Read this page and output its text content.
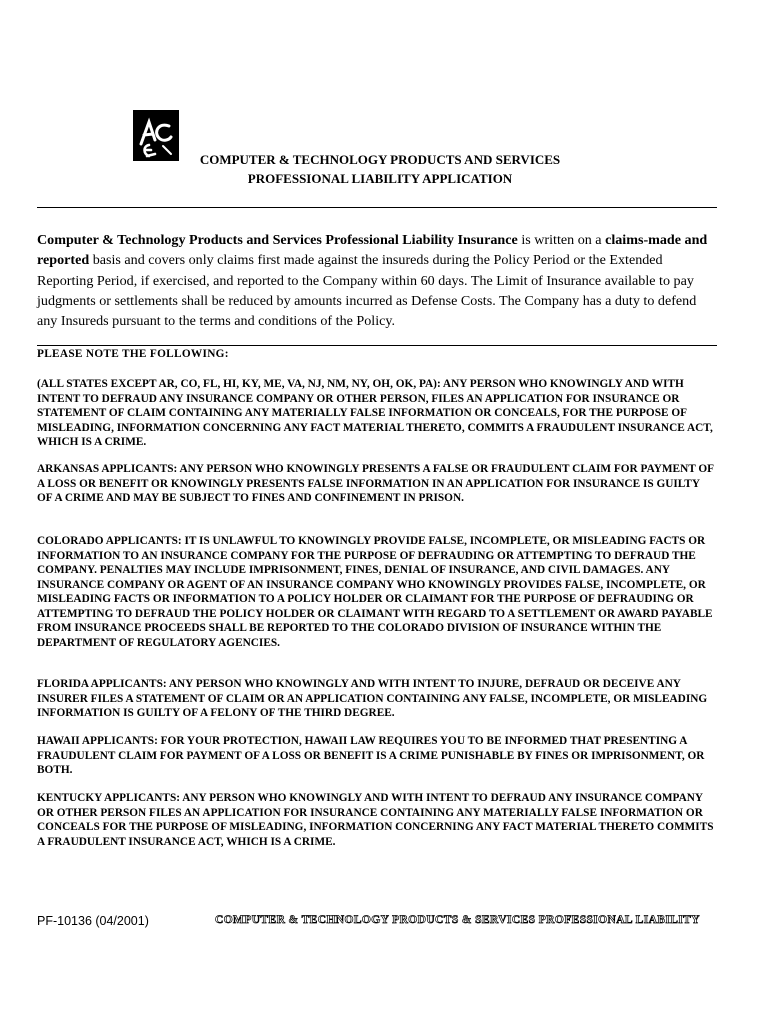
COMPUTER & TECHNOLOGY PRODUCTS AND SERVICES
PROFESSIONAL LIABILITY APPLICATION
Computer & Technology Products and Services Professional Liability Insurance is written on a claims-made and reported basis and covers only claims first made against the insureds during the Policy Period or the Extended Reporting Period, if exercised, and reported to the Company within 60 days. The Limit of Insurance available to pay judgments or settlements shall be reduced by amounts incurred as Defense Costs. The Company has a duty to defend any Insureds pursuant to the terms and conditions of the Policy.
PLEASE NOTE THE FOLLOWING:
(ALL STATES EXCEPT AR, CO, FL, HI, KY, ME, VA, NJ, NM, NY, OH, OK, PA): ANY PERSON WHO KNOWINGLY AND WITH INTENT TO DEFRAUD ANY INSURANCE COMPANY OR OTHER PERSON, FILES AN APPLICATION FOR INSURANCE OR STATEMENT OF CLAIM CONTAINING ANY MATERIALLY FALSE INFORMATION OR CONCEALS, FOR THE PURPOSE OF MISLEADING, INFORMATION CONCERNING ANY FACT MATERIAL THERETO, COMMITS A FRAUDULENT INSURANCE ACT, WHICH IS A CRIME.
ARKANSAS APPLICANTS: ANY PERSON WHO KNOWINGLY PRESENTS A FALSE OR FRAUDULENT CLAIM FOR PAYMENT OF A LOSS OR BENEFIT OR KNOWINGLY PRESENTS FALSE INFORMATION IN AN APPLICATION FOR INSURANCE IS GUILTY OF A CRIME AND MAY BE SUBJECT TO FINES AND CONFINEMENT IN PRISON.
COLORADO APPLICANTS: IT IS UNLAWFUL TO KNOWINGLY PROVIDE FALSE, INCOMPLETE, OR MISLEADING FACTS OR INFORMATION TO AN INSURANCE COMPANY FOR THE PURPOSE OF DEFRAUDING OR ATTEMPTING TO DEFRAUD THE COMPANY. PENALTIES MAY INCLUDE IMPRISONMENT, FINES, DENIAL OF INSURANCE, AND CIVIL DAMAGES. ANY INSURANCE COMPANY OR AGENT OF AN INSURANCE COMPANY WHO KNOWINGLY PROVIDES FALSE, INCOMPLETE, OR MISLEADING FACTS OR INFORMATION TO A POLICY HOLDER OR CLAIMANT FOR THE PURPOSE OF DEFRAUDING OR ATTEMPTING TO DEFRAUD THE POLICY HOLDER OR CLAIMANT WITH REGARD TO A SETTLEMENT OR AWARD PAYABLE FROM INSURANCE PROCEEDS SHALL BE REPORTED TO THE COLORADO DIVISION OF INSURANCE WITHIN THE DEPARTMENT OF REGULATORY AGENCIES.
FLORIDA APPLICANTS: ANY PERSON WHO KNOWINGLY AND WITH INTENT TO INJURE, DEFRAUD OR DECEIVE ANY INSURER FILES A STATEMENT OF CLAIM OR AN APPLICATION CONTAINING ANY FALSE, INCOMPLETE, OR MISLEADING INFORMATION IS GUILTY OF A FELONY OF THE THIRD DEGREE.
HAWAII APPLICANTS: FOR YOUR PROTECTION, HAWAII LAW REQUIRES YOU TO BE INFORMED THAT PRESENTING A FRAUDULENT CLAIM FOR PAYMENT OF A LOSS OR BENEFIT IS A CRIME PUNISHABLE BY FINES OR IMPRISONMENT, OR BOTH.
KENTUCKY APPLICANTS: ANY PERSON WHO KNOWINGLY AND WITH INTENT TO DEFRAUD ANY INSURANCE COMPANY OR OTHER PERSON FILES AN APPLICATION FOR INSURANCE CONTAINING ANY MATERIALLY FALSE INFORMATION OR CONCEALS FOR THE PURPOSE OF MISLEADING, INFORMATION CONCERNING ANY FACT MATERIAL THERETO COMMITS A FRAUDULENT INSURANCE ACT, WHICH IS A CRIME.
PF-10136 (04/2001)	COMPUTER & TECHNOLOGY PRODUCTS & SERVICES PROFESSIONAL LIABILITY
